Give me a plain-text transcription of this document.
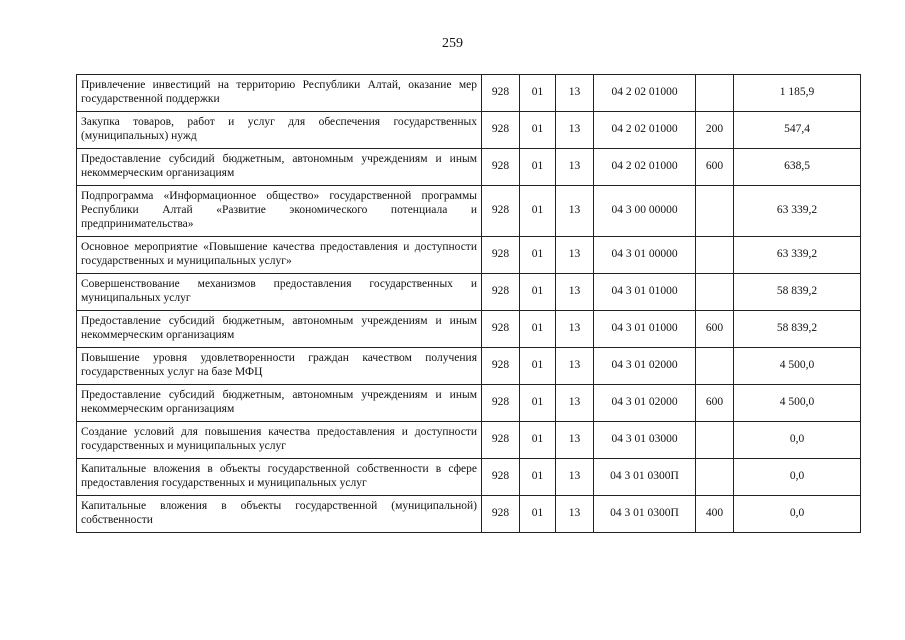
259
Привлечение инвестиций на территорию Республики Алтай, оказание мер государственной поддержки	928	01	13	04 2 02 01000		1 185,9
Закупка товаров, работ и услуг для обеспечения государственных (муниципальных) нужд	928	01	13	04 2 02 01000	200	547,4
Предоставление субсидий бюджетным, автономным учреждениям и иным некоммерческим организациям	928	01	13	04 2 02 01000	600	638,5
Подпрограмма «Информационное общество» государственной программы Республики Алтай «Развитие экономического потенциала и предпринимательства»	928	01	13	04 3 00 00000		63 339,2
Основное мероприятие «Повышение качества предоставления и доступности государственных и муниципальных услуг»	928	01	13	04 3 01 00000		63 339,2
Совершенствование механизмов предоставления государственных и муниципальных услуг	928	01	13	04 3 01 01000		58 839,2
Предоставление субсидий бюджетным, автономным учреждениям и иным некоммерческим организациям	928	01	13	04 3 01 01000	600	58 839,2
Повышение уровня удовлетворенности граждан качеством получения государственных услуг на базе МФЦ	928	01	13	04 3 01 02000		4 500,0
Предоставление субсидий бюджетным, автономным учреждениям и иным некоммерческим организациям	928	01	13	04 3 01 02000	600	4 500,0
Создание условий для повышения качества предоставления и доступности государственных и муниципальных услуг	928	01	13	04 3 01 03000		0,0
Капитальные вложения в объекты государственной собственности в сфере предоставления государственных и муниципальных услуг	928	01	13	04 3 01 0300П		0,0
Капитальные вложения в объекты государственной (муниципальной) собственности	928	01	13	04 3 01 0300П	400	0,0
